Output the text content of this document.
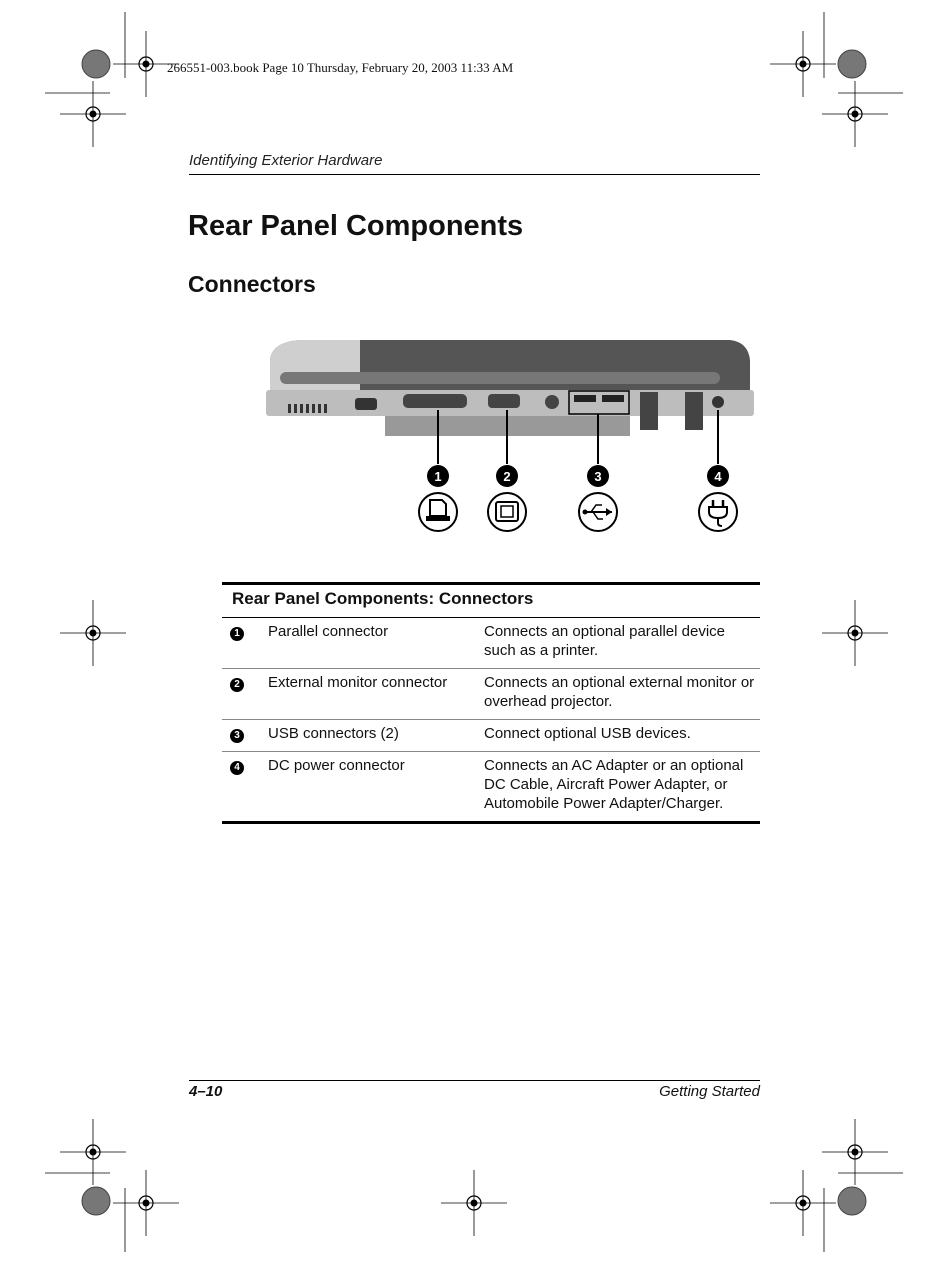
266551-003.book Page 10 Thursday, February 20, 2003 11:33 AM
Identifying Exterior Hardware
Rear Panel Components
Connectors
1	2	3	4
Rear Panel Components: Connectors		
1	Parallel connector	Connects an optional parallel device such as a printer.
2	External monitor connector	Connects an optional external monitor or overhead projector.
3	USB connectors (2)	Connect optional USB devices.
4	DC power connector	Connects an AC Adapter or an optional DC Cable, Aircraft Power Adapter, or Automobile Power Adapter/Charger.
4–10	Getting Started
